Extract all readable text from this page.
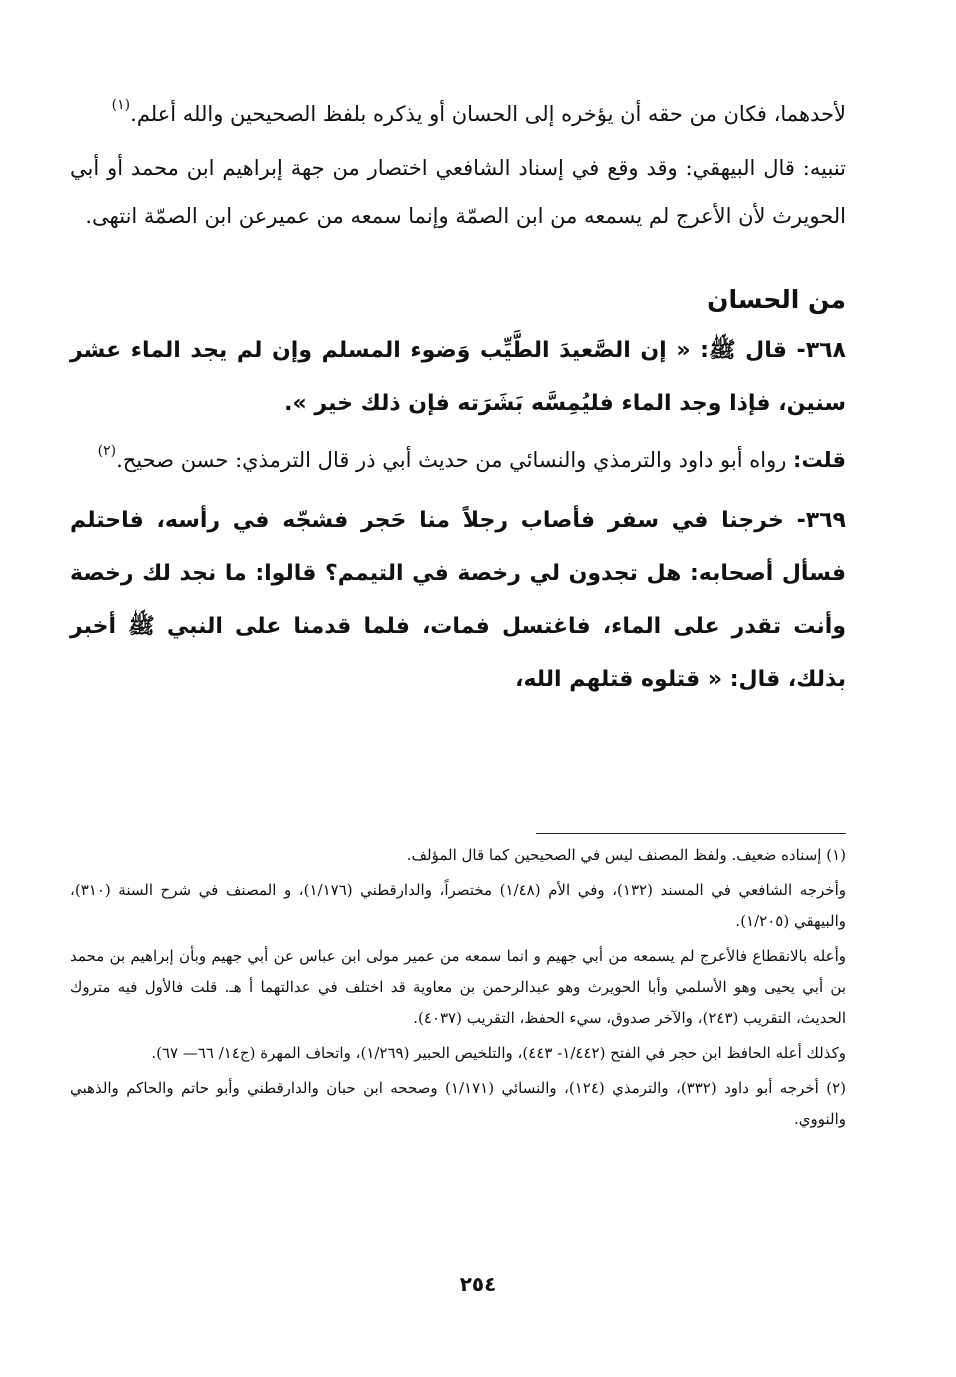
لأحدهما، فكان من حقه أن يؤخره إلى الحسان أو يذكره بلفظ الصحيحين والله أعلم.$^{(١)}$

تنبيه: قال البيهقي: وقد وقع في إسناد الشافعي اختصار من جهة إبراهيم ابن محمد أو أبي الحويرث لأن الأعرج لم يسمعه من ابن الصمّة وإنما سمعه من عميرعن ابن الصمّة انتهى.

من الحسان

٣٦٨- قال ﷺ: « إن الصَّعيدَ الطَّيِّب وَضوء المسلم وإن لم يجد الماء عشر سنين، فإذا وجد الماء فليُمِسَّه بَشَرَته فإن ذلك خير ».

قلت: رواه أبو داود والترمذي والنسائي من حديث أبي ذر قال الترمذي: حسن صحيح.$^{(٢)}$

٣٦٩- خرجنا في سفر فأصاب رجلاً منا حَجر فشجّه في رأسه، فاحتلم فسأل أصحابه: هل تجدون لي رخصة في التيمم؟ قالوا: ما نجد لك رخصة وأنت تقدر على الماء، فاغتسل فمات، فلما قدمنا على النبي ﷺ أخبر بذلك، قال: « قتلوه قتلهم الله،

(١) إسناده ضعيف. ولفظ المصنف ليس في الصحيحين كما قال المؤلف.

وأخرجه الشافعي في المسند (١٣٢)، وفي الأم (١/٤٨) مختصراً، والدارقطني (١/١٧٦)، و المصنف في شرح السنة (٣١٠)، والبيهقي (١/٢٠٥).

وأعله بالانقطاع فالأعرج لم يسمعه من أبي جهيم و انما سمعه من عمير مولى ابن عباس عن أبي جهيم وبأن إبراهيم بن محمد بن أبي يحيى وهو الأسلمي وأبا الحويرث وهو عبدالرحمن بن معاوية قد اختلف في عدالتهما أ هـ. قلت فالأول فيه متروك الحديث، التقريب (٢٤٣)، والآخر صدوق، سيء الحفظ، التقريب (٤٠٣٧).

وكذلك أعله الحافظ ابن حجر في الفتح (١/٤٤٢- ٤٤٣)، والتلخيص الحبير (١/٢٦٩)، واتحاف المهرة (ج١٤/ ٦٦— ٦٧).

(٢) أخرجه أبو داود (٣٣٢)، والترمذي (١٢٤)، والنسائي (١/١٧١) وصححه ابن حبان والدارقطني وأبو حاتم والحاكم والذهبي والنووي.

٢٥٤
